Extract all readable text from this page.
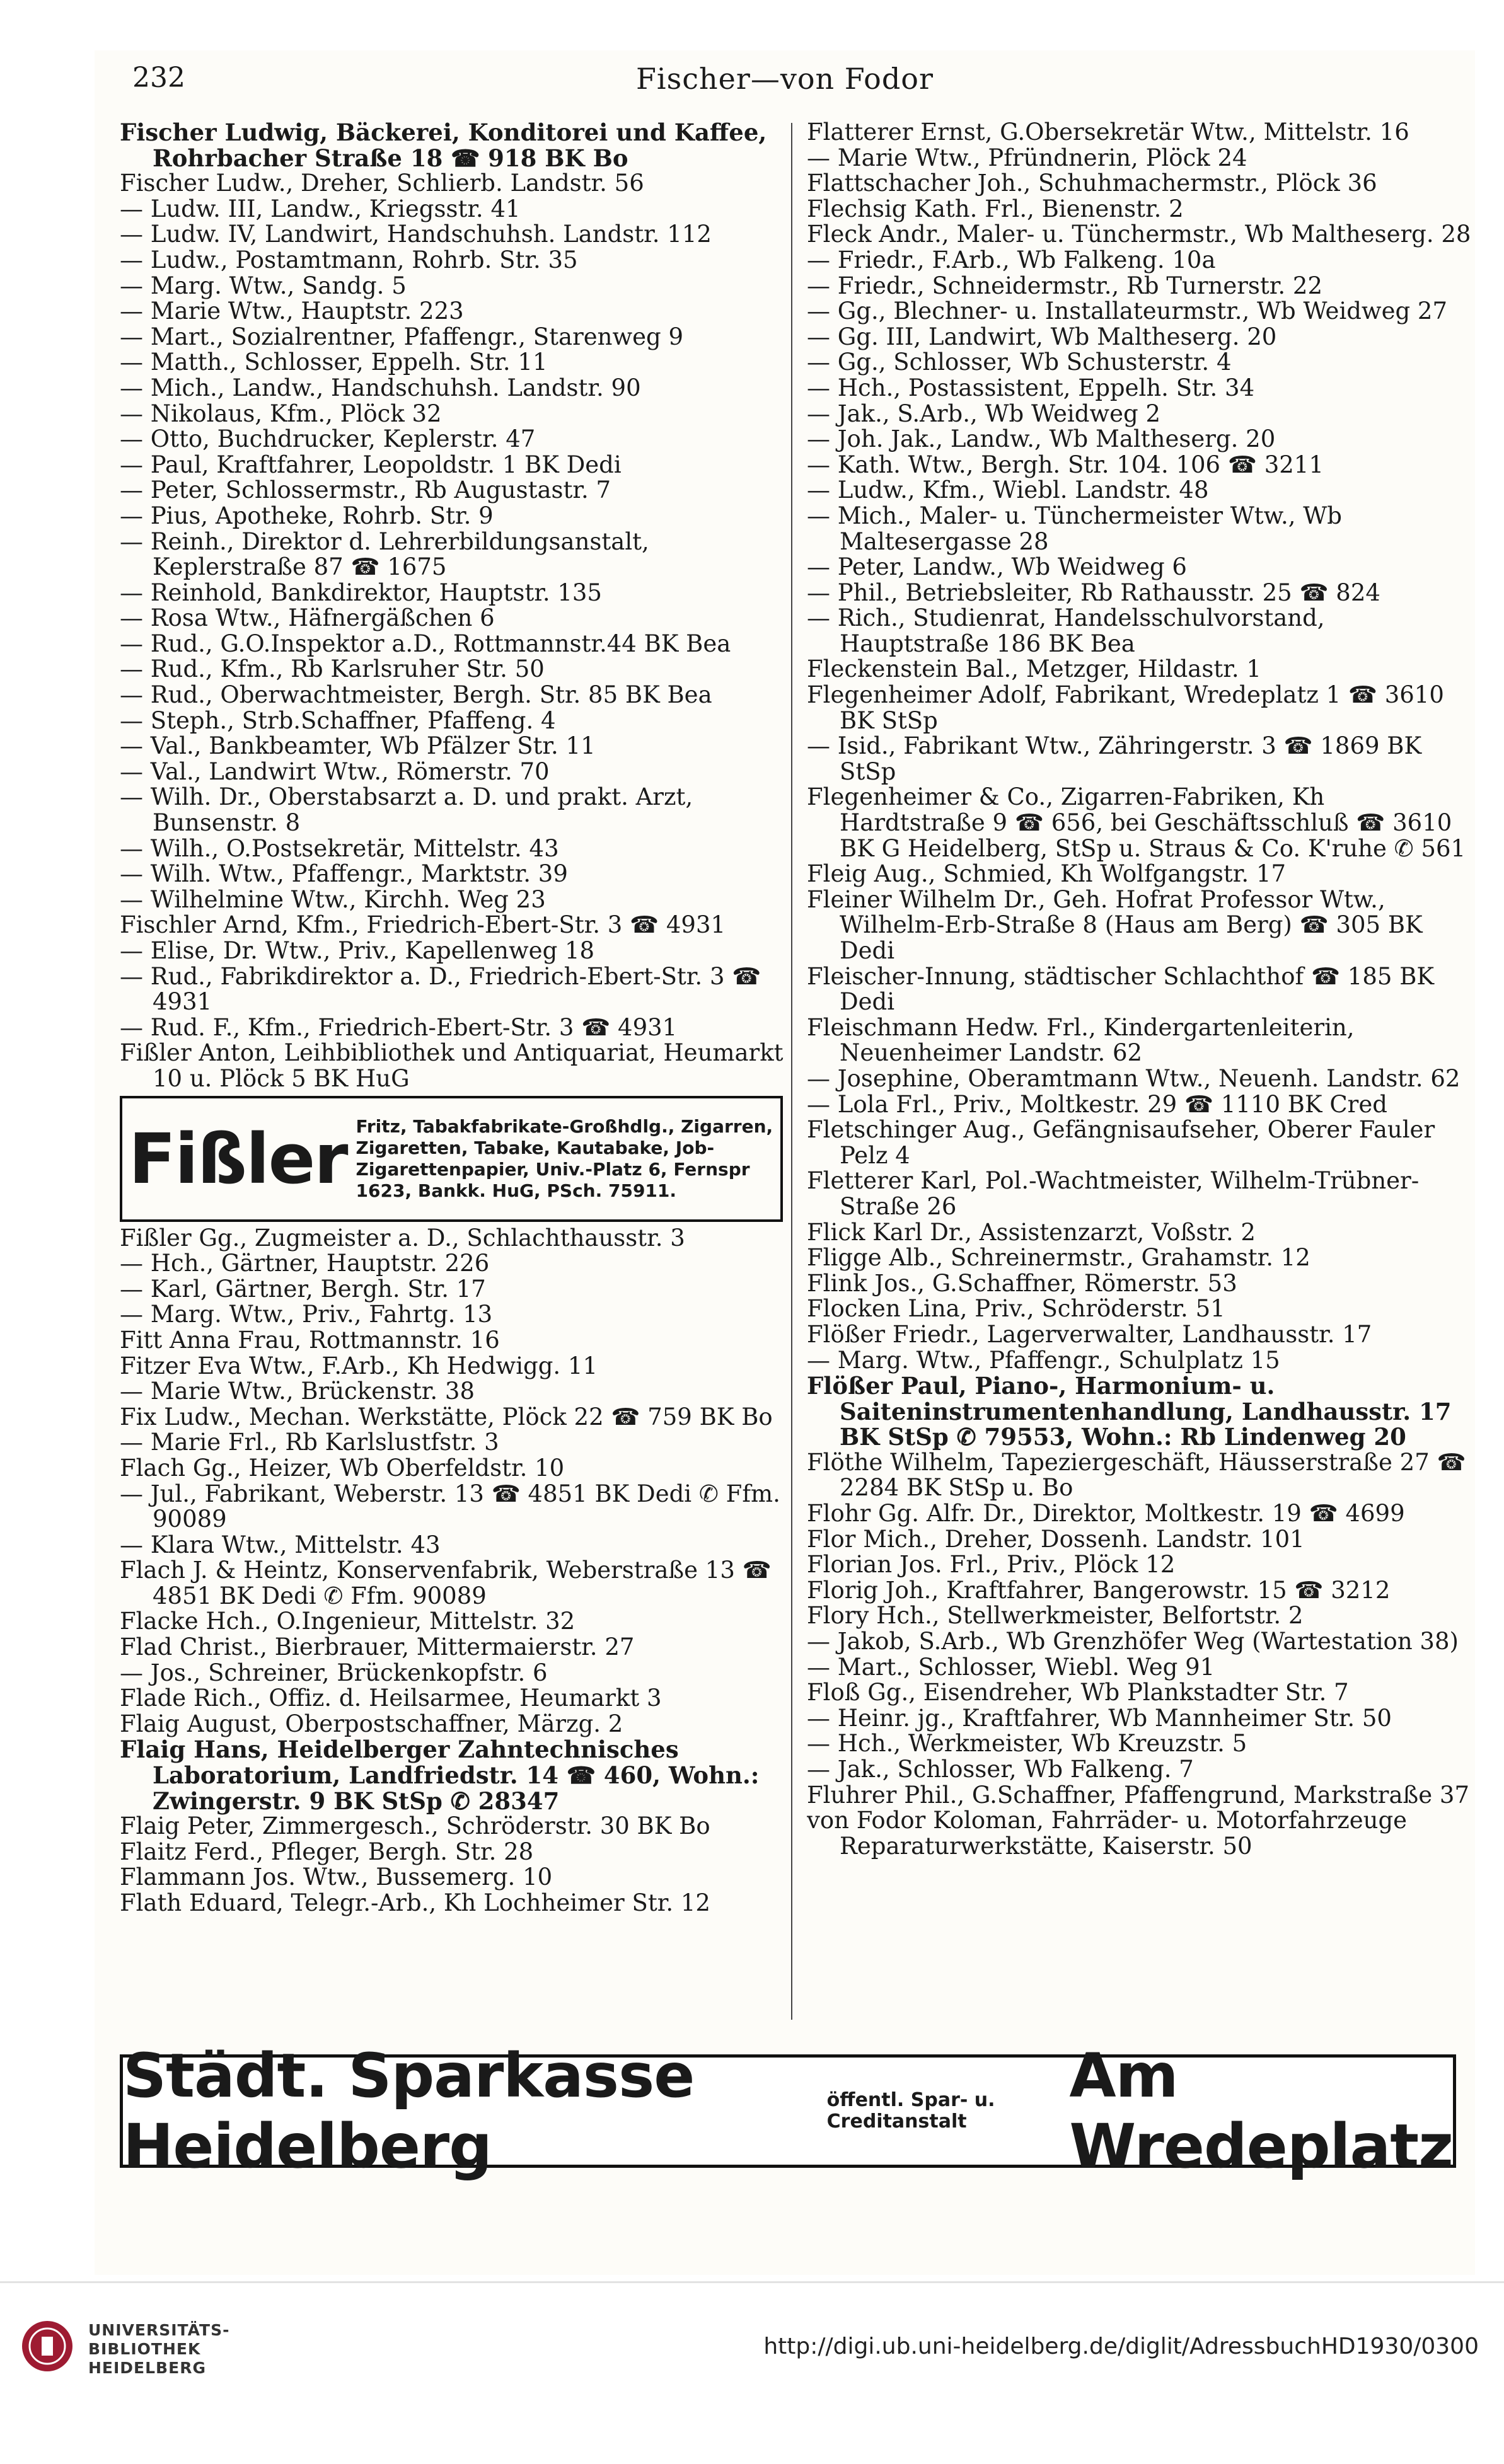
232	Fischer—von Fodor
Fischer Ludwig, Bäckerei, Konditorei und Kaffee, Rohrbacher Straße 18 ☎ 918 BK Bo
Fischer Ludw., Dreher, Schlierb. Landstr. 56
— Ludw. III, Landw., Kriegsstr. 41
— Ludw. IV, Landwirt, Handschuhsh. Landstr. 112
— Ludw., Postamtmann, Rohrb. Str. 35
— Marg. Wtw., Sandg. 5
— Marie Wtw., Hauptstr. 223
— Mart., Sozialrentner, Pfaffengr., Starenweg 9
— Matth., Schlosser, Eppelh. Str. 11
— Mich., Landw., Handschuhsh. Landstr. 90
— Nikolaus, Kfm., Plöck 32
— Otto, Buchdrucker, Keplerstr. 47
— Paul, Kraftfahrer, Leopoldstr. 1 BK Dedi
— Peter, Schlossermstr., Rb Augustastr. 7
— Pius, Apotheke, Rohrb. Str. 9
— Reinh., Direktor d. Lehrerbildungsanstalt, Keplerstraße 87 ☎ 1675
— Reinhold, Bankdirektor, Hauptstr. 135
— Rosa Wtw., Häfnergäßchen 6
— Rud., G.O.Inspektor a.D., Rottmannstr.44 BK Bea
— Rud., Kfm., Rb Karlsruher Str. 50
— Rud., Oberwachtmeister, Bergh. Str. 85 BK Bea
— Steph., Strb.Schaffner, Pfaffeng. 4
— Val., Bankbeamter, Wb Pfälzer Str. 11
— Val., Landwirt Wtw., Römerstr. 70
— Wilh. Dr., Oberstabsarzt a. D. und prakt. Arzt, Bunsenstr. 8
— Wilh., O.Postsekretär, Mittelstr. 43
— Wilh. Wtw., Pfaffengr., Marktstr. 39
— Wilhelmine Wtw., Kirchh. Weg 23
Fischler Arnd, Kfm., Friedrich-Ebert-Str. 3 ☎ 4931
— Elise, Dr. Wtw., Priv., Kapellenweg 18
— Rud., Fabrikdirektor a. D., Friedrich-Ebert-Str. 3 ☎ 4931
— Rud. F., Kfm., Friedrich-Ebert-Str. 3 ☎ 4931
Fißler Anton, Leihbibliothek und Antiquariat, Heumarkt 10 u. Plöck 5 BK HuG
Fißler Fritz, Tabakfabrikate-Großhdlg., Zigarren, Zigaretten, Tabake, Kautabake, Job-Zigarettenpapier, Univ.-Platz 6, Fernspr 1623, Bankk. HuG, PSch. 75911.
Fißler Gg., Zugmeister a. D., Schlachthausstr. 3
— Hch., Gärtner, Hauptstr. 226
— Karl, Gärtner, Bergh. Str. 17
— Marg. Wtw., Priv., Fahrtg. 13
Fitt Anna Frau, Rottmannstr. 16
Fitzer Eva Wtw., F.Arb., Kh Hedwigg. 11
— Marie Wtw., Brückenstr. 38
Fix Ludw., Mechan. Werkstätte, Plöck 22 ☎ 759 BK Bo
— Marie Frl., Rb Karlslustfstr. 3
Flach Gg., Heizer, Wb Oberfeldstr. 10
— Jul., Fabrikant, Weberstr. 13 ☎ 4851 BK Dedi ✆ Ffm. 90089
— Klara Wtw., Mittelstr. 43
Flach J. & Heintz, Konservenfabrik, Weberstraße 13 ☎ 4851 BK Dedi ✆ Ffm. 90089
Flacke Hch., O.Ingenieur, Mittelstr. 32
Flad Christ., Bierbrauer, Mittermaierstr. 27
— Jos., Schreiner, Brückenkopfstr. 6
Flade Rich., Offiz. d. Heilsarmee, Heumarkt 3
Flaig August, Oberpostschaffner, Märzg. 2
Flaig Hans, Heidelberger Zahntechnisches Laboratorium, Landfriedstr. 14 ☎ 460, Wohn.: Zwingerstr. 9 BK StSp ✆ 28347
Flaig Peter, Zimmergesch., Schröderstr. 30 BK Bo
Flaitz Ferd., Pfleger, Bergh. Str. 28
Flammann Jos. Wtw., Bussemerg. 10
Flath Eduard, Telegr.-Arb., Kh Lochheimer Str. 12
Flatterer Ernst, G.Obersekretär Wtw., Mittelstr. 16
— Marie Wtw., Pfründnerin, Plöck 24
Flattschacher Joh., Schuhmachermstr., Plöck 36
Flechsig Kath. Frl., Bienenstr. 2
Fleck Andr., Maler- u. Tünchermstr., Wb Maltheserg. 28
— Friedr., F.Arb., Wb Falkeng. 10a
— Friedr., Schneidermstr., Rb Turnerstr. 22
— Gg., Blechner- u. Installateurmstr., Wb Weidweg 27
— Gg. III, Landwirt, Wb Maltheserg. 20
— Gg., Schlosser, Wb Schusterstr. 4
— Hch., Postassistent, Eppelh. Str. 34
— Jak., S.Arb., Wb Weidweg 2
— Joh. Jak., Landw., Wb Maltheserg. 20
— Kath. Wtw., Bergh. Str. 104. 106 ☎ 3211
— Ludw., Kfm., Wiebl. Landstr. 48
— Mich., Maler- u. Tünchermeister Wtw., Wb Maltesergasse 28
— Peter, Landw., Wb Weidweg 6
— Phil., Betriebsleiter, Rb Rathausstr. 25 ☎ 824
— Rich., Studienrat, Handelsschulvorstand, Hauptstraße 186 BK Bea
Fleckenstein Bal., Metzger, Hildastr. 1
Flegenheimer Adolf, Fabrikant, Wredeplatz 1 ☎ 3610 BK StSp
— Isid., Fabrikant Wtw., Zähringerstr. 3 ☎ 1869 BK StSp
Flegenheimer & Co., Zigarren-Fabriken, Kh Hardtstraße 9 ☎ 656, bei Geschäftsschluß ☎ 3610 BK G Heidelberg, StSp u. Straus & Co. K'ruhe ✆ 561
Fleig Aug., Schmied, Kh Wolfgangstr. 17
Fleiner Wilhelm Dr., Geh. Hofrat Professor Wtw., Wilhelm-Erb-Straße 8 (Haus am Berg) ☎ 305 BK Dedi
Fleischer-Innung, städtischer Schlachthof ☎ 185 BK Dedi
Fleischmann Hedw. Frl., Kindergartenleiterin, Neuenheimer Landstr. 62
— Josephine, Oberamtmann Wtw., Neuenh. Landstr. 62
— Lola Frl., Priv., Moltkestr. 29 ☎ 1110 BK Cred
Fletschinger Aug., Gefängnisaufseher, Oberer Fauler Pelz 4
Fletterer Karl, Pol.-Wachtmeister, Wilhelm-Trübner-Straße 26
Flick Karl Dr., Assistenzarzt, Voßstr. 2
Fligge Alb., Schreinermstr., Grahamstr. 12
Flink Jos., G.Schaffner, Römerstr. 53
Flocken Lina, Priv., Schröderstr. 51
Flößer Friedr., Lagerverwalter, Landhausstr. 17
— Marg. Wtw., Pfaffengr., Schulplatz 15
Flößer Paul, Piano-, Harmonium- u. Saiteninstrumentenhandlung, Landhausstr. 17 BK StSp ✆ 79553, Wohn.: Rb Lindenweg 20
Flöthe Wilhelm, Tapeziergeschäft, Häusserstraße 27 ☎ 2284 BK StSp u. Bo
Flohr Gg. Alfr. Dr., Direktor, Moltkestr. 19 ☎ 4699
Flor Mich., Dreher, Dossenh. Landstr. 101
Florian Jos. Frl., Priv., Plöck 12
Florig Joh., Kraftfahrer, Bangerowstr. 15 ☎ 3212
Flory Hch., Stellwerkmeister, Belfortstr. 2
— Jakob, S.Arb., Wb Grenzhöfer Weg (Wartestation 38)
— Mart., Schlosser, Wiebl. Weg 91
Floß Gg., Eisendreher, Wb Plankstadter Str. 7
— Heinr. jg., Kraftfahrer, Wb Mannheimer Str. 50
— Hch., Werkmeister, Wb Kreuzstr. 5
— Jak., Schlosser, Wb Falkeng. 7
Fluhrer Phil., G.Schaffner, Pfaffengrund, Markstraße 37
von Fodor Koloman, Fahrräder- u. Motorfahrzeuge Reparaturwerkstätte, Kaiserstr. 50
Städt. Sparkasse Heidelberg
öffentl. Spar- u. Creditanstalt
Am Wredeplatz
UNIVERSITÄTS-
BIBLIOTHEK
HEIDELBERG
http://digi.ub.uni-heidelberg.de/diglit/AdressbuchHD1930/0300
